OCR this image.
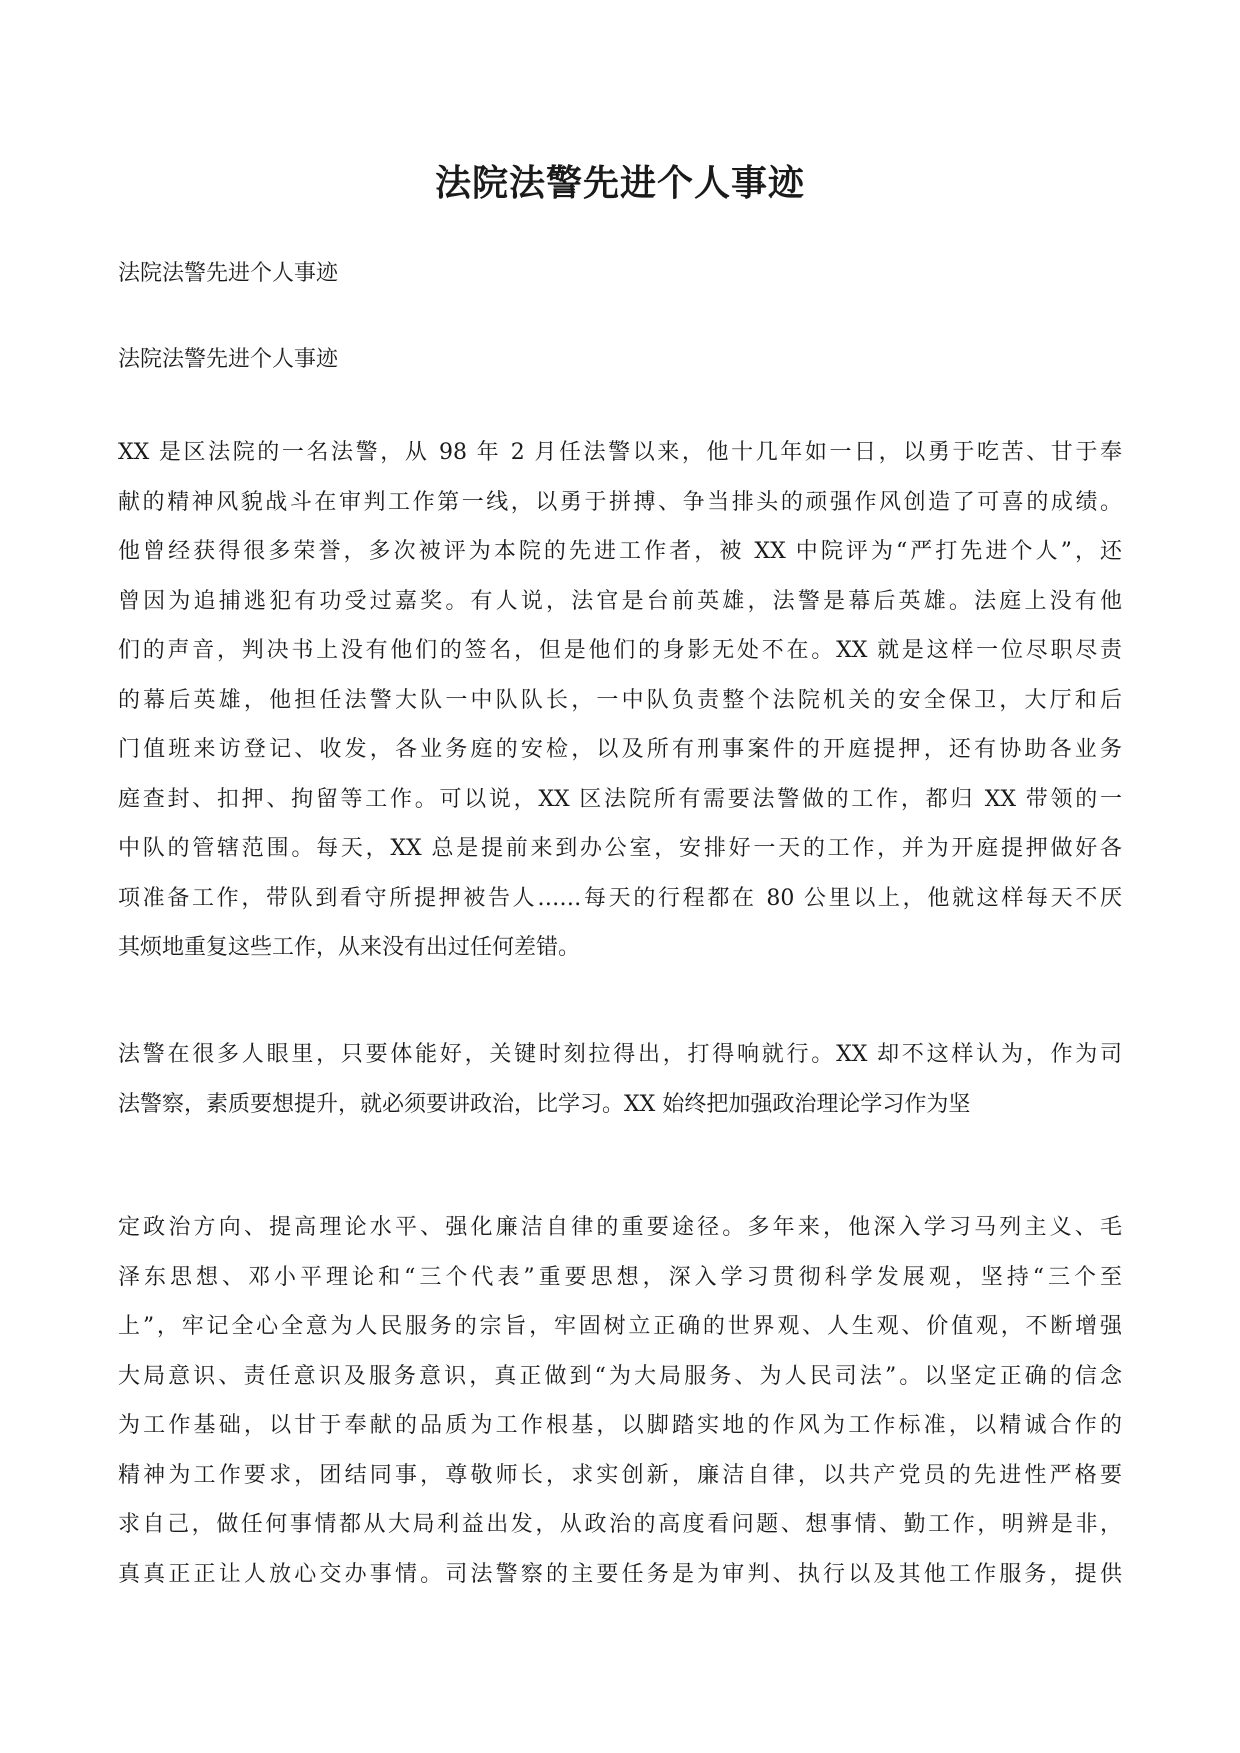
法院法警先进个人事迹
法院法警先进个人事迹
法院法警先进个人事迹
XX 是区法院的一名法警，从 98 年 2 月任法警以来，他十几年如一日，以勇于吃苦、甘于奉
献的精神风貌战斗在审判工作第一线，以勇于拼搏、争当排头的顽强作风创造了可喜的成绩。
他曾经获得很多荣誉，多次被评为本院的先进工作者，被 XX 中院评为“严打先进个人”，还
曾因为追捕逃犯有功受过嘉奖。有人说，法官是台前英雄，法警是幕后英雄。法庭上没有他
们的声音，判决书上没有他们的签名，但是他们的身影无处不在。XX 就是这样一位尽职尽责
的幕后英雄，他担任法警大队一中队队长，一中队负责整个法院机关的安全保卫，大厅和后
门值班来访登记、收发，各业务庭的安检，以及所有刑事案件的开庭提押，还有协助各业务
庭查封、扣押、拘留等工作。可以说，XX 区法院所有需要法警做的工作，都归 XX 带领的一
中队的管辖范围。每天，XX 总是提前来到办公室，安排好一天的工作，并为开庭提押做好各
项准备工作，带队到看守所提押被告人……每天的行程都在 80 公里以上，他就这样每天不厌
其烦地重复这些工作，从来没有出过任何差错。
法警在很多人眼里，只要体能好，关键时刻拉得出，打得响就行。XX 却不这样认为，作为司
法警察，素质要想提升，就必须要讲政治，比学习。XX 始终把加强政治理论学习作为坚
定政治方向、提高理论水平、强化廉洁自律的重要途径。多年来，他深入学习马列主义、毛
泽东思想、邓小平理论和“三个代表”重要思想，深入学习贯彻科学发展观，坚持“三个至
上”，牢记全心全意为人民服务的宗旨，牢固树立正确的世界观、人生观、价值观，不断增强
大局意识、责任意识及服务意识，真正做到“为大局服务、为人民司法”。以坚定正确的信念
为工作基础，以甘于奉献的品质为工作根基，以脚踏实地的作风为工作标准，以精诚合作的
精神为工作要求，团结同事，尊敬师长，求实创新，廉洁自律，以共产党员的先进性严格要
求自己，做任何事情都从大局利益出发，从政治的高度看问题、想事情、勤工作，明辨是非，
真真正正让人放心交办事情。司法警察的主要任务是为审判、执行以及其他工作服务，提供
